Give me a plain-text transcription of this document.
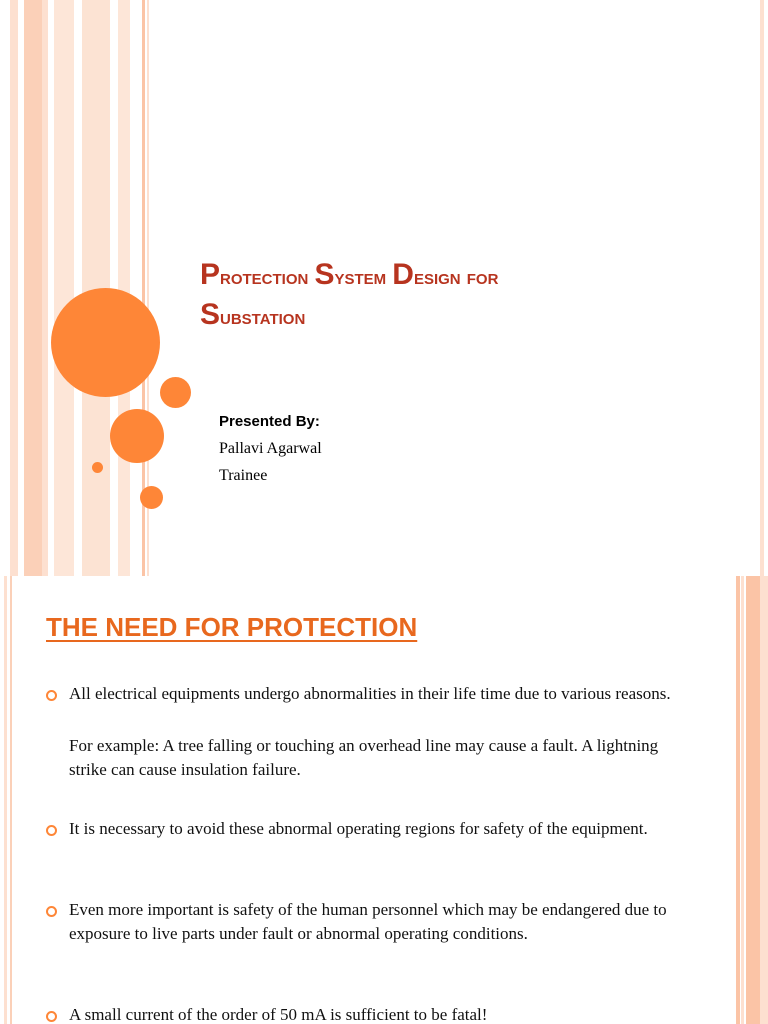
Protection System Design for
Substation
Presented By:
Pallavi Agarwal
Trainee
THE NEED FOR PROTECTION
All electrical equipments undergo abnormalities in their life time due to various reasons.
For example: A tree falling or touching an overhead line may cause a fault. A lightning strike can cause insulation failure.
It is necessary to avoid these abnormal operating regions for safety of the equipment.
Even more important is safety of the human personnel which may be endangered due to exposure to live parts under fault or abnormal operating conditions.
A small current of the order of 50 mA is sufficient to be fatal!
